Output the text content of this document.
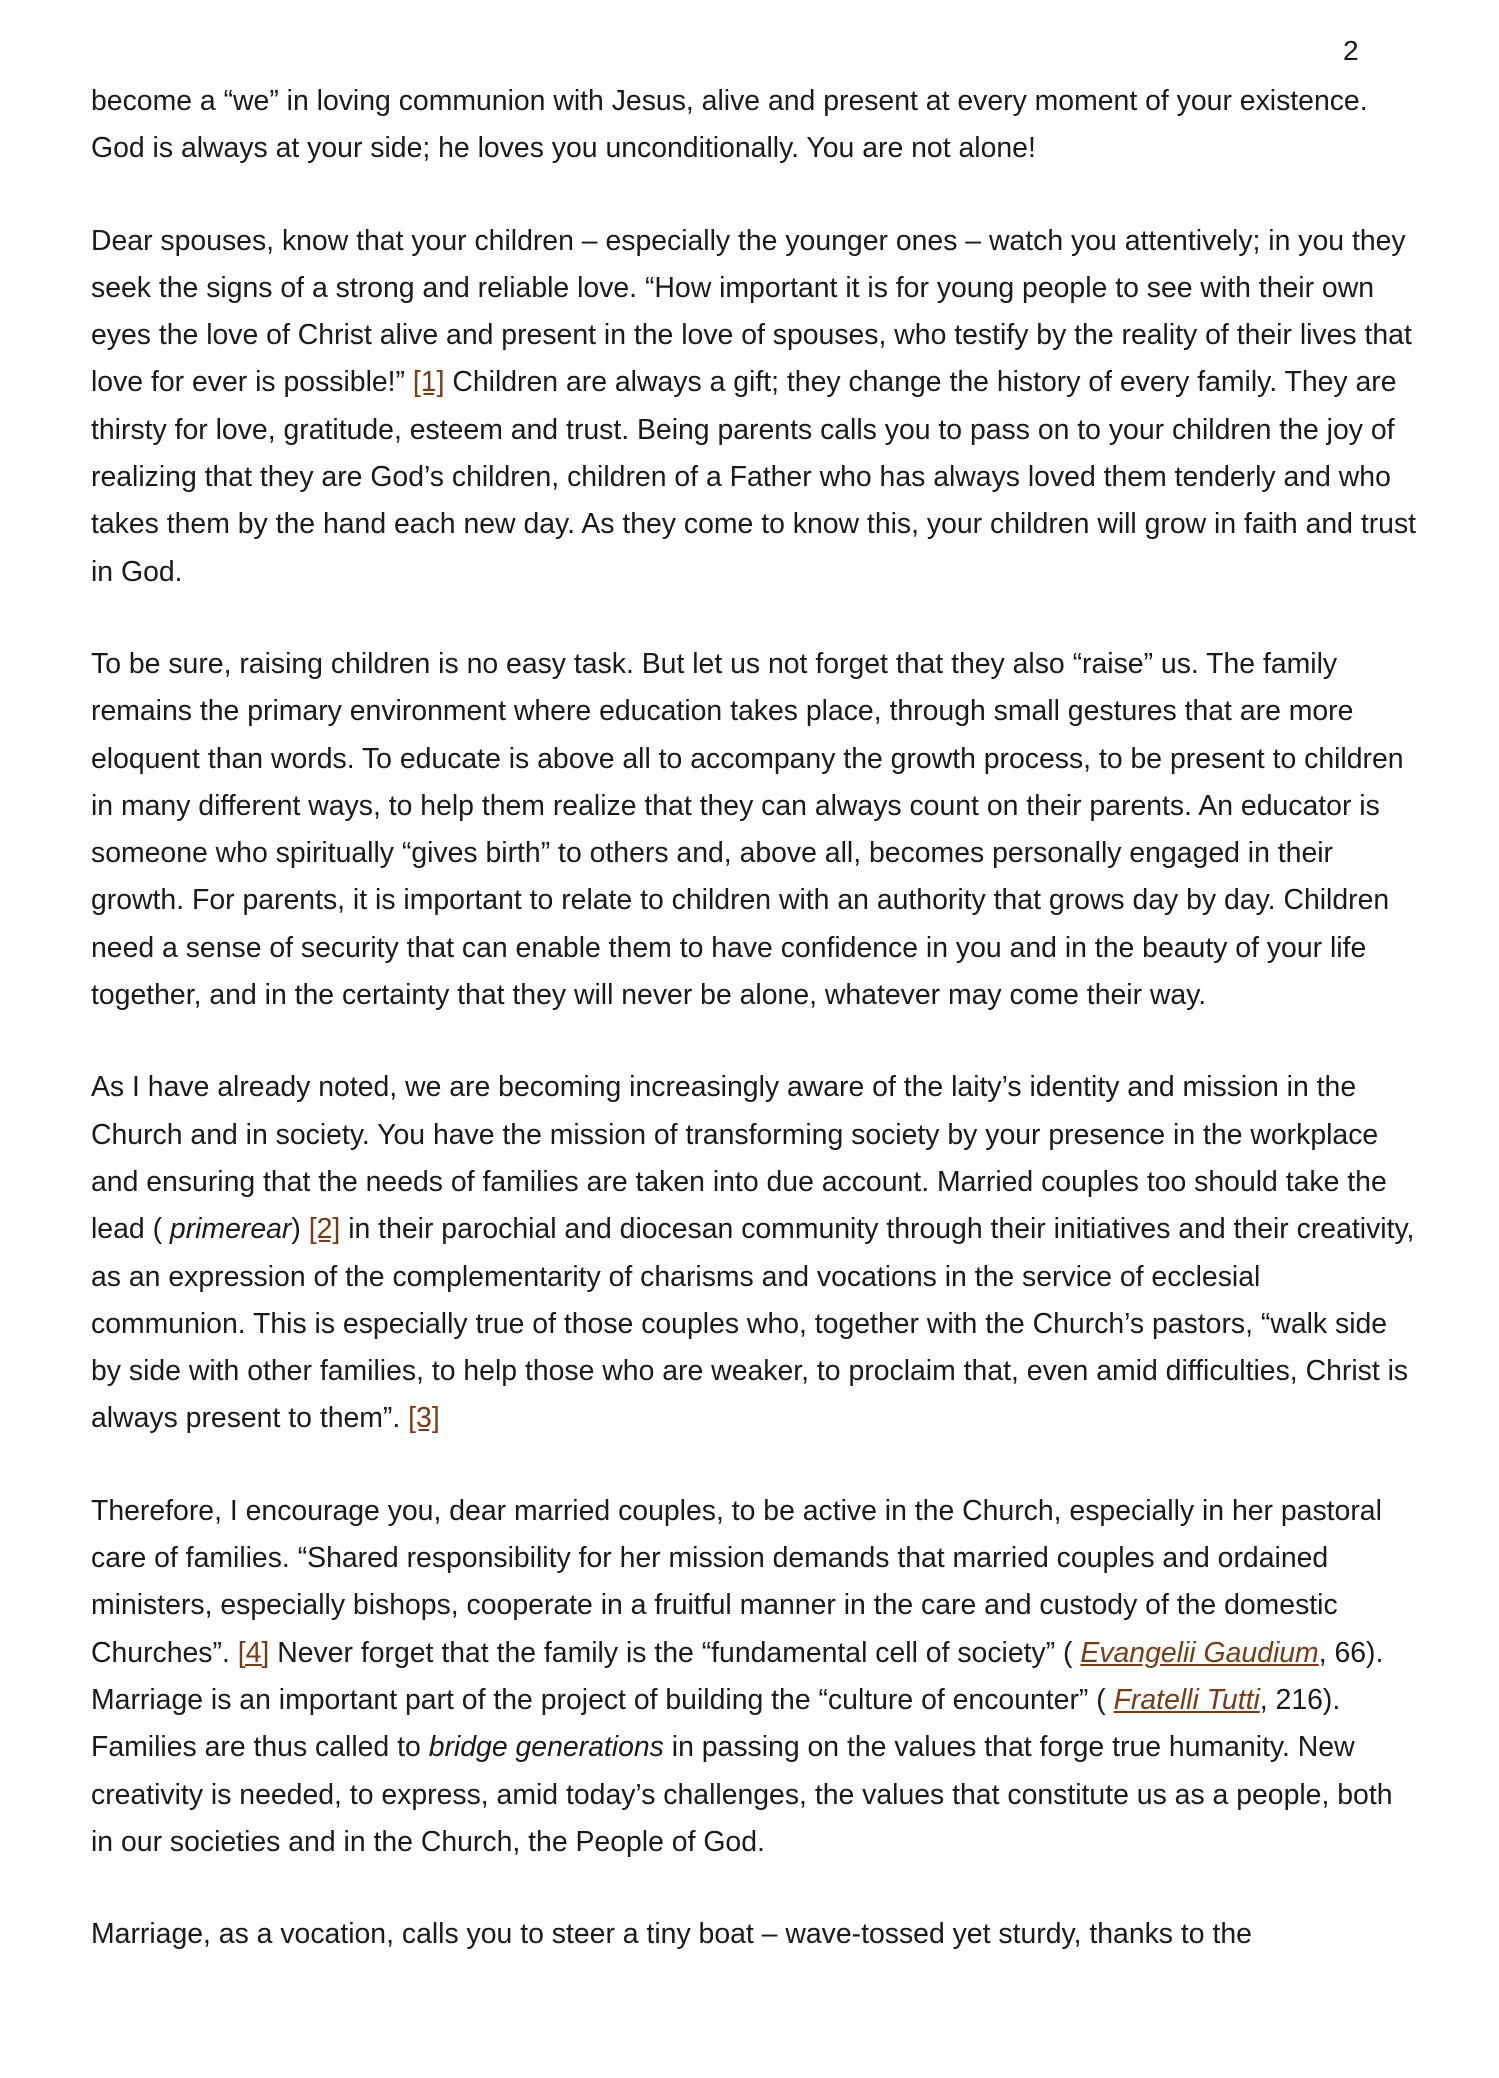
2

become a “we” in loving communion with Jesus, alive and present at every moment of your existence. God is always at your side; he loves you unconditionally. You are not alone!

Dear spouses, know that your children – especially the younger ones – watch you attentively; in you they seek the signs of a strong and reliable love. “How important it is for young people to see with their own eyes the love of Christ alive and present in the love of spouses, who testify by the reality of their lives that love for ever is possible!” [1] Children are always a gift; they change the history of every family. They are thirsty for love, gratitude, esteem and trust. Being parents calls you to pass on to your children the joy of realizing that they are God’s children, children of a Father who has always loved them tenderly and who takes them by the hand each new day. As they come to know this, your children will grow in faith and trust in God.

To be sure, raising children is no easy task. But let us not forget that they also “raise” us. The family remains the primary environment where education takes place, through small gestures that are more eloquent than words. To educate is above all to accompany the growth process, to be present to children in many different ways, to help them realize that they can always count on their parents. An educator is someone who spiritually “gives birth” to others and, above all, becomes personally engaged in their growth. For parents, it is important to relate to children with an authority that grows day by day. Children need a sense of security that can enable them to have confidence in you and in the beauty of your life together, and in the certainty that they will never be alone, whatever may come their way.

As I have already noted, we are becoming increasingly aware of the laity’s identity and mission in the Church and in society. You have the mission of transforming society by your presence in the workplace and ensuring that the needs of families are taken into due account. Married couples too should take the lead ( primerear) [2] in their parochial and diocesan community through their initiatives and their creativity, as an expression of the complementarity of charisms and vocations in the service of ecclesial communion. This is especially true of those couples who, together with the Church’s pastors, “walk side by side with other families, to help those who are weaker, to proclaim that, even amid difficulties, Christ is always present to them”. [3]

Therefore, I encourage you, dear married couples, to be active in the Church, especially in her pastoral care of families. “Shared responsibility for her mission demands that married couples and ordained ministers, especially bishops, cooperate in a fruitful manner in the care and custody of the domestic Churches”. [4] Never forget that the family is the “fundamental cell of society” ( Evangelii Gaudium, 66). Marriage is an important part of the project of building the “culture of encounter” ( Fratelli Tutti, 216). Families are thus called to bridge generations in passing on the values that forge true humanity. New creativity is needed, to express, amid today’s challenges, the values that constitute us as a people, both in our societies and in the Church, the People of God.

Marriage, as a vocation, calls you to steer a tiny boat – wave-tossed yet sturdy, thanks to the
